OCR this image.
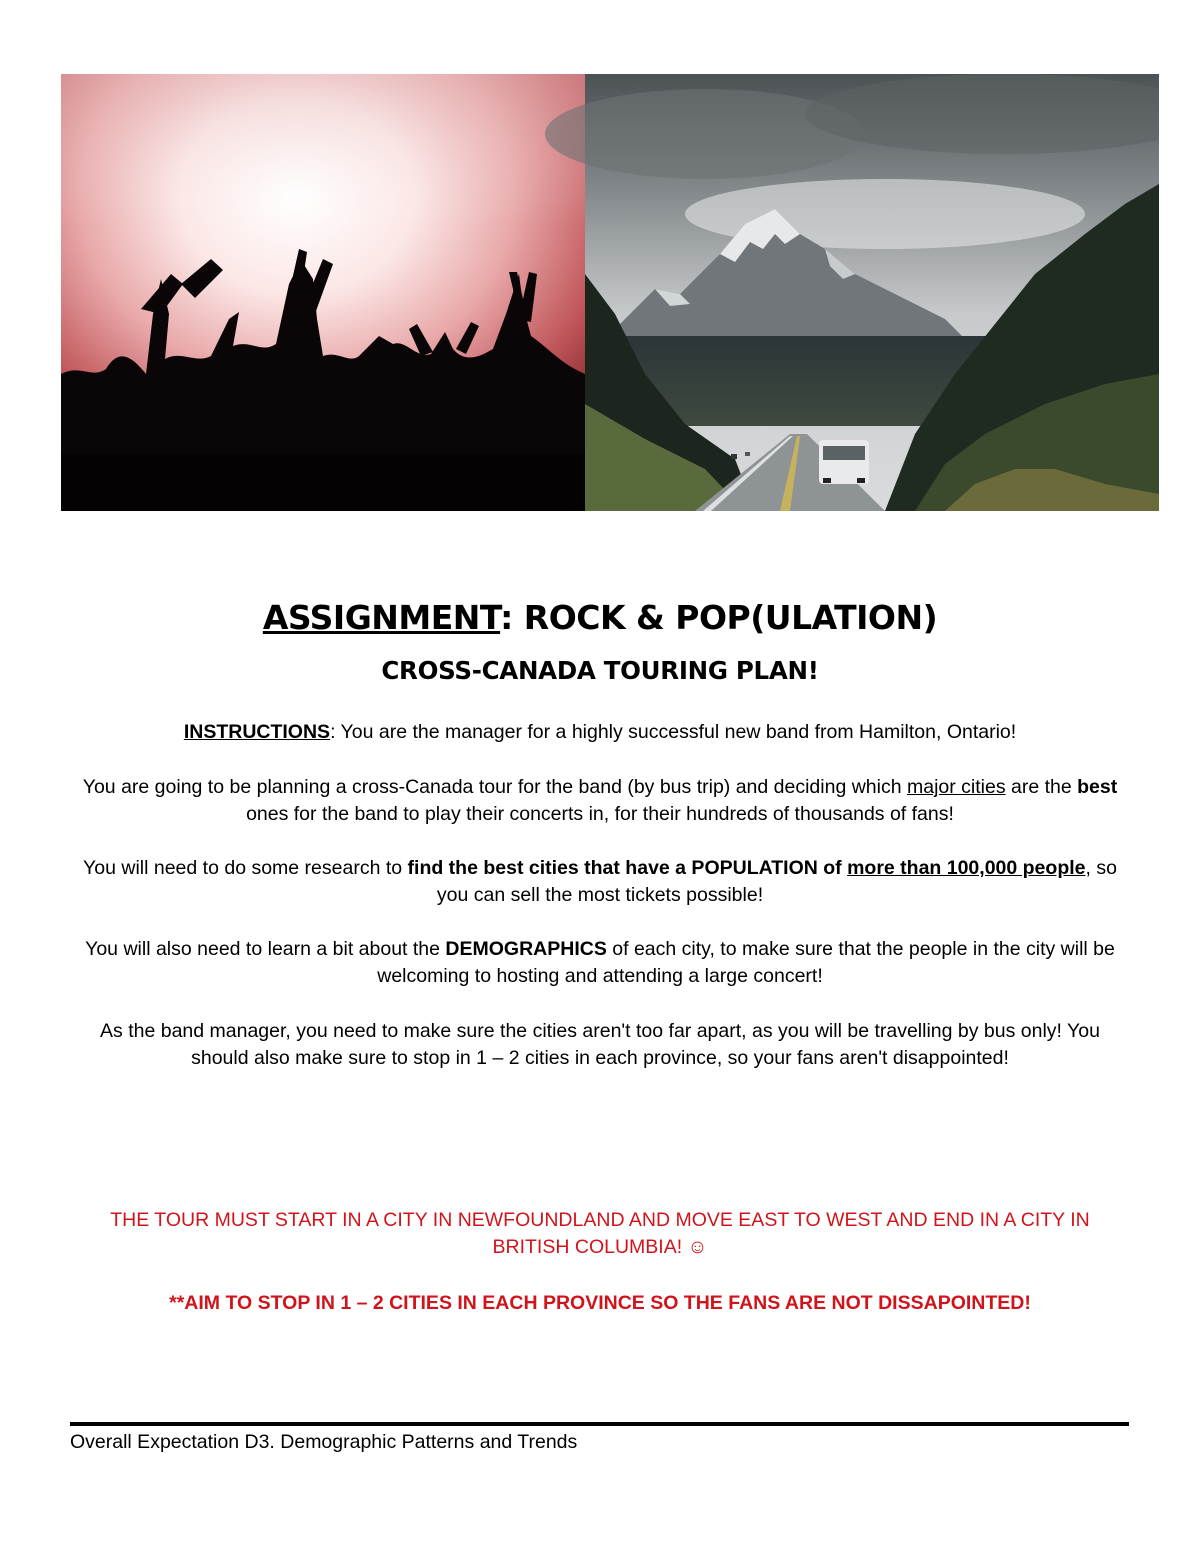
ASSIGNMENT: ROCK & POP(ULATION)
CROSS-CANADA TOURING PLAN!

INSTRUCTIONS: You are the manager for a highly successful new band from Hamilton, Ontario!

You are going to be planning a cross-Canada tour for the band (by bus trip) and deciding which major cities are the best ones for the band to play their concerts in, for their hundreds of thousands of fans!

You will need to do some research to find the best cities that have a POPULATION of more than 100,000 people, so you can sell the most tickets possible!

You will also need to learn a bit about the DEMOGRAPHICS of each city, to make sure that the people in the city will be welcoming to hosting and attending a large concert!

As the band manager, you need to make sure the cities aren't too far apart, as you will be travelling by bus only! You should also make sure to stop in 1 – 2 cities in each province, so your fans aren't disappointed!

THE TOUR MUST START IN A CITY IN NEWFOUNDLAND AND MOVE EAST TO WEST AND END IN A CITY IN BRITISH COLUMBIA! ☺

**AIM TO STOP IN 1 – 2 CITIES IN EACH PROVINCE SO THE FANS ARE NOT DISSAPOINTED!

Overall Expectation D3. Demographic Patterns and Trends
